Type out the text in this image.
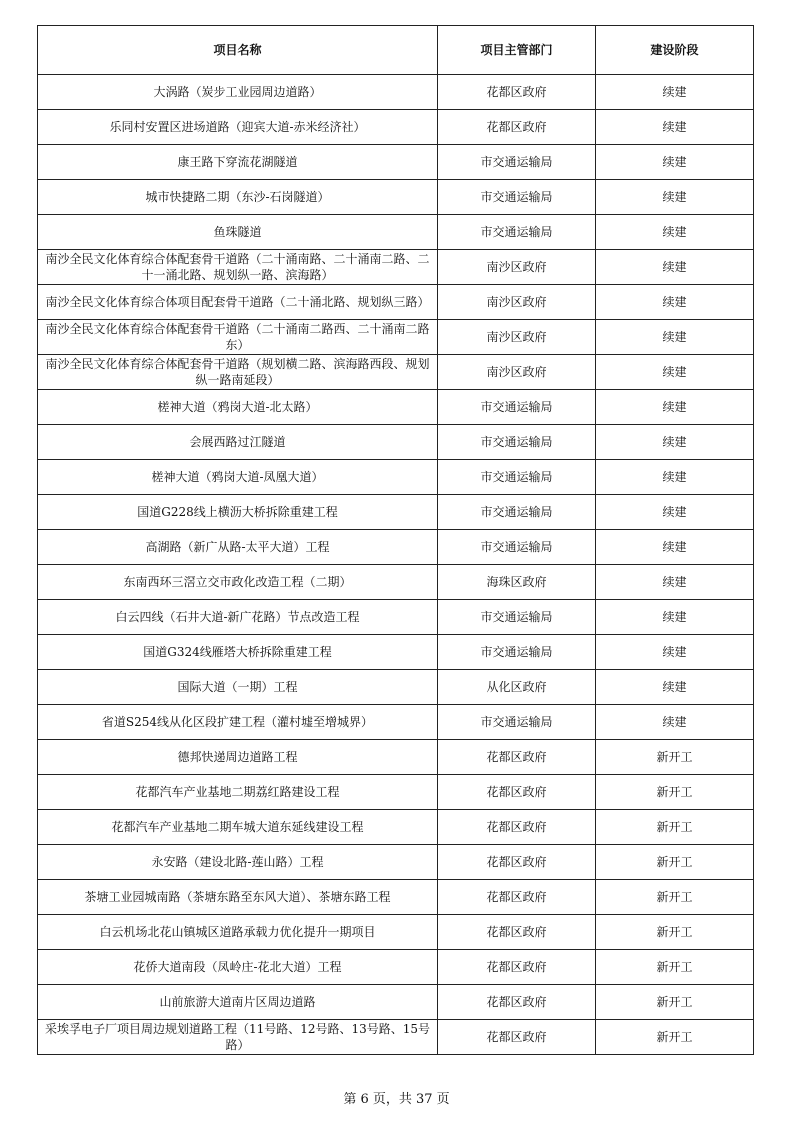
项目名称	项目主管部门	建设阶段
大涡路（炭步工业园周边道路）	花都区政府	续建
乐同村安置区进场道路（迎宾大道-赤米经济社）	花都区政府	续建
康王路下穿流花湖隧道	市交通运输局	续建
城市快捷路二期（东沙-石岗隧道）	市交通运输局	续建
鱼珠隧道	市交通运输局	续建
南沙全民文化体育综合体配套骨干道路（二十涌南路、二十涌南二路、二十一涌北路、规划纵一路、滨海路）	南沙区政府	续建
南沙全民文化体育综合体项目配套骨干道路（二十涌北路、规划纵三路）	南沙区政府	续建
南沙全民文化体育综合体配套骨干道路（二十涌南二路西、二十涌南二路东）	南沙区政府	续建
南沙全民文化体育综合体配套骨干道路（规划横二路、滨海路西段、规划纵一路南延段）	南沙区政府	续建
槎神大道（鸦岗大道-北太路）	市交通运输局	续建
会展西路过江隧道	市交通运输局	续建
槎神大道（鸦岗大道-凤凰大道）	市交通运输局	续建
国道G228线上横沥大桥拆除重建工程	市交通运输局	续建
高湖路（新广从路-太平大道）工程	市交通运输局	续建
东南西环三滘立交市政化改造工程（二期）	海珠区政府	续建
白云四线（石井大道-新广花路）节点改造工程	市交通运输局	续建
国道G324线雁塔大桥拆除重建工程	市交通运输局	续建
国际大道（一期）工程	从化区政府	续建
省道S254线从化区段扩建工程（灌村墟至增城界）	市交通运输局	续建
德邦快递周边道路工程	花都区政府	新开工
花都汽车产业基地二期荔红路建设工程	花都区政府	新开工
花都汽车产业基地二期车城大道东延线建设工程	花都区政府	新开工
永安路（建设北路-莲山路）工程	花都区政府	新开工
茶塘工业园城南路（茶塘东路至东风大道）、茶塘东路工程	花都区政府	新开工
白云机场北花山镇城区道路承载力优化提升一期项目	花都区政府	新开工
花侨大道南段（凤岭庄-花北大道）工程	花都区政府	新开工
山前旅游大道南片区周边道路	花都区政府	新开工
采埃孚电子厂项目周边规划道路工程（11号路、12号路、13号路、15号路）	花都区政府	新开工
第 6 页，共 37 页
